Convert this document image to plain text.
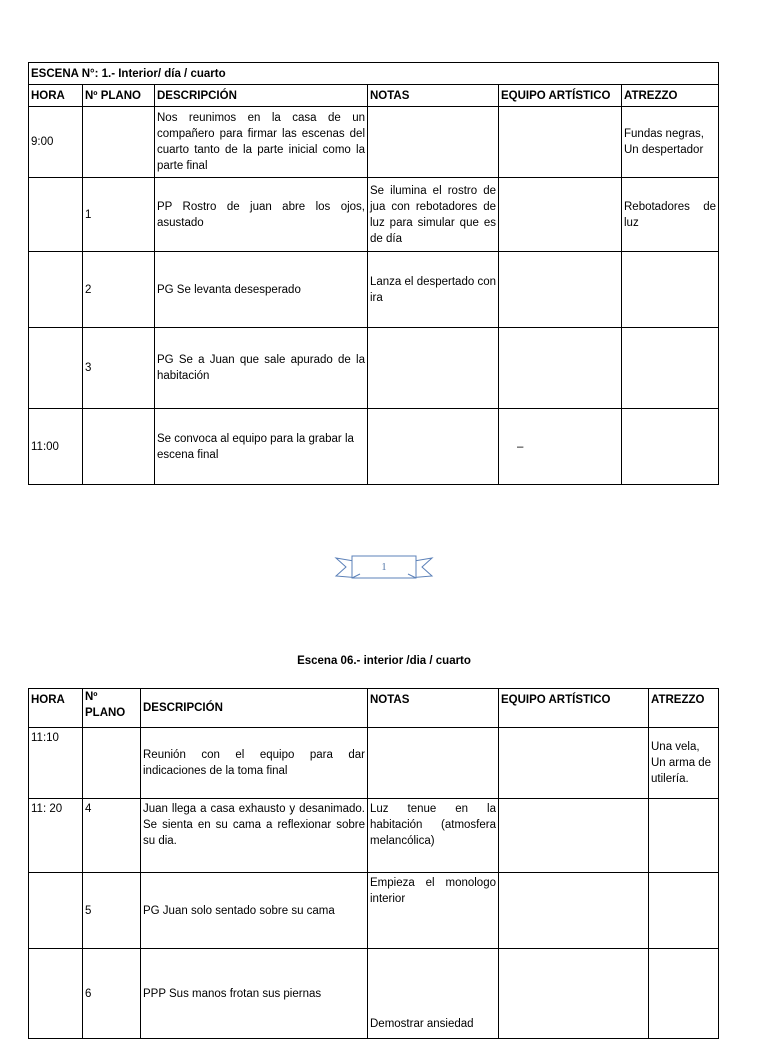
ESCENA N°: 1.- Interior/ día / cuarto					
HORA	Nº PLANO	DESCRIPCIÓN	NOTAS	EQUIPO ARTÍSTICO	ATREZZO
9:00		Nos reunimos en la casa de un compañero para firmar las escenas del cuarto tanto de la parte inicial como la parte final			Fundas negras, Un despertador
	1	PP Rostro de juan abre los ojos, asustado	Se ilumina el rostro de jua con rebotadores de luz para simular que es de día		Rebotadores de luz
	2	PG Se levanta desesperado	Lanza el despertado con ira		
	3	PG Se a Juan que sale apurado de la habitación			
11:00		Se convoca al equipo para la grabar la escena final		–	
1
Escena 06.- interior /dia / cuarto
HORA	Nº PLANO	DESCRIPCIÓN	NOTAS	EQUIPO ARTÍSTICO	ATREZZO
11:10		Reunión con el equipo para dar indicaciones de la toma final			Una vela, Un arma de utilería.
11: 20	4	Juan llega a casa exhausto y desanimado. Se sienta en su cama a reflexionar sobre su dia.	Luz tenue en la habitación (atmosfera melancólica)		
	5	PG Juan solo sentado sobre su cama	Empieza el monologo interior		
	6	PPP Sus manos frotan sus piernas	Demostrar ansiedad		
